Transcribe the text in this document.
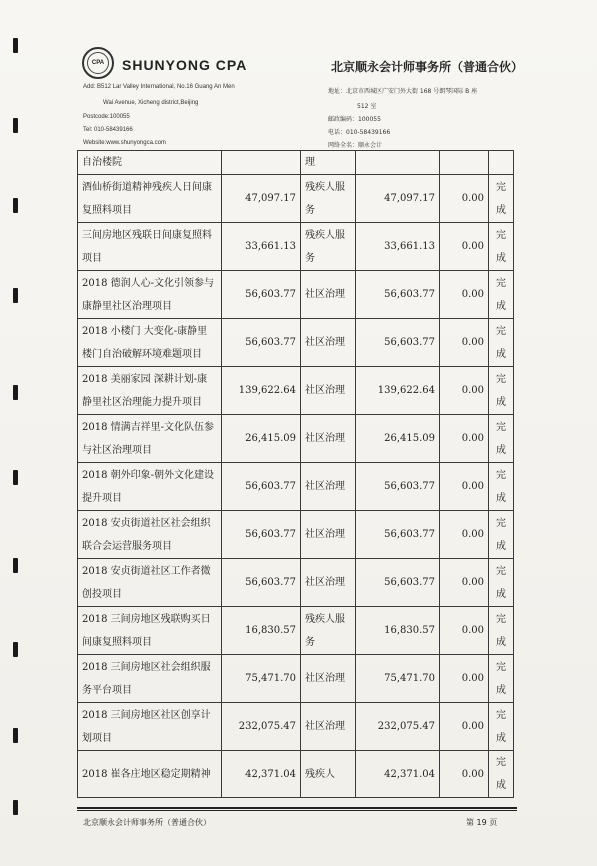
CPA	SHUNYONG CPA	北京顺永会计师事务所（普通合伙）
Add: B512 Lar Valley International, No.16 Guang An Men
Wai Avenue, Xicheng district,Beijing
Postcode:100055
Tel: 010-58439166
Website:www.shunyongca.com
地址：北京市西城区广安门外大街 168 号朗琴国际 B 座
512 室
邮政编码：100055
电话：010-58439166
网络全名：顺永会计
自治楼院		理			
酒仙桥街道精神残疾人日间康复照料项目	47,097.17	残疾人服务	47,097.17	0.00	完成
三间房地区残联日间康复照料项目	33,661.13	残疾人服务	33,661.13	0.00	完成
2018 德润人心-文化引领参与康静里社区治理项目	56,603.77	社区治理	56,603.77	0.00	完成
2018 小楼门 大变化-康静里楼门自治破解环境难题项目	56,603.77	社区治理	56,603.77	0.00	完成
2018 美丽家园 深耕计划-康静里社区治理能力提升项目	139,622.64	社区治理	139,622.64	0.00	完成
2018 情满吉祥里-文化队伍参与社区治理项目	26,415.09	社区治理	26,415.09	0.00	完成
2018 朝外印象-朝外文化建设提升项目	56,603.77	社区治理	56,603.77	0.00	完成
2018 安贞街道社区社会组织联合会运营服务项目	56,603.77	社区治理	56,603.77	0.00	完成
2018 安贞街道社区工作者微创投项目	56,603.77	社区治理	56,603.77	0.00	完成
2018 三间房地区残联购买日间康复照料项目	16,830.57	残疾人服务	16,830.57	0.00	完成
2018 三间房地区社会组织服务平台项目	75,471.70	社区治理	75,471.70	0.00	完成
2018 三间房地区社区创享计划项目	232,075.47	社区治理	232,075.47	0.00	完成
2018 崔各庄地区稳定期精神	42,371.04	残疾人	42,371.04	0.00	完成
北京顺永会计师事务所（普通合伙）	第 19 页
